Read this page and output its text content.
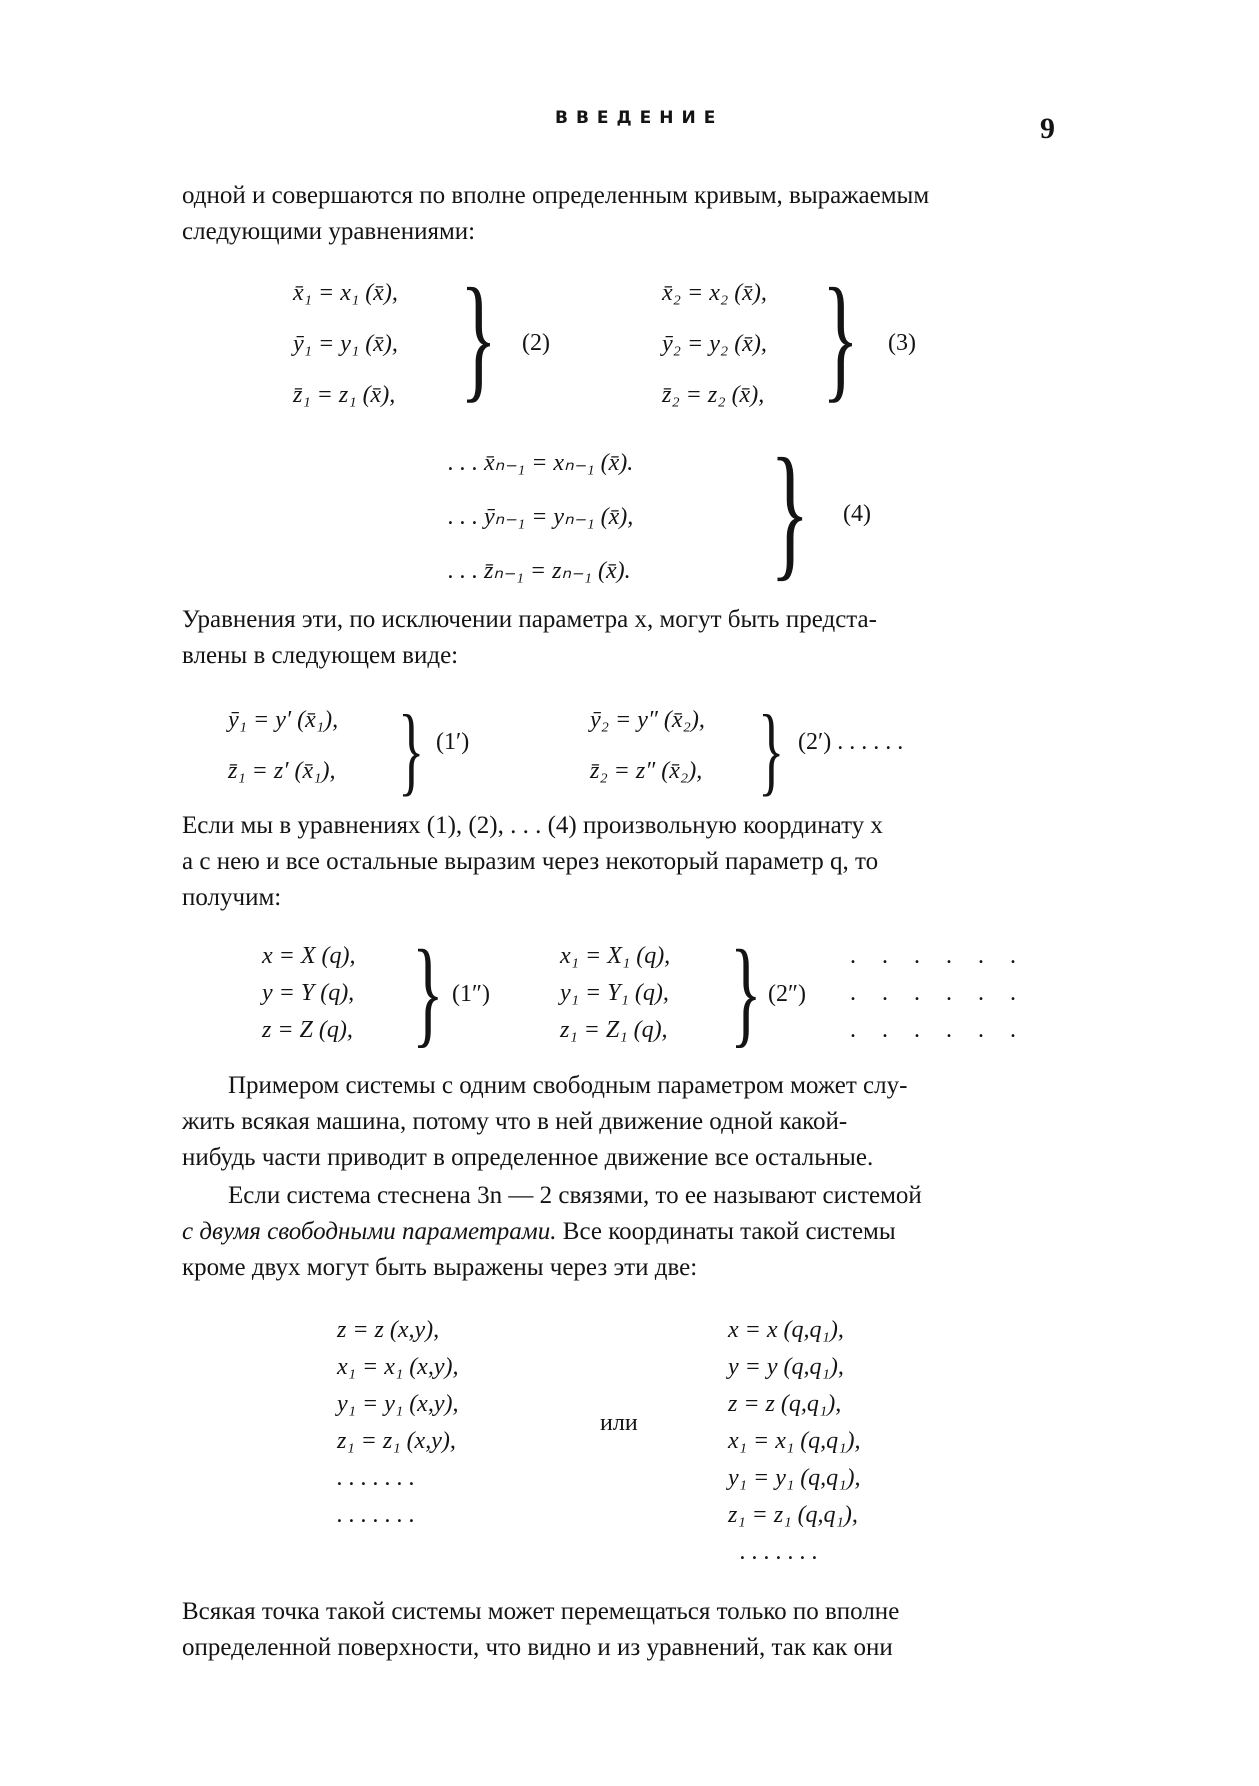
ВВЕДЕНИЕ	9
одной и совершаются по вполне определенным кривым, выражаемым
следующими уравнениями:
x̄₁ = x₁ (x̄),
ȳ₁ = y₁ (x̄),
z̄₁ = z₁ (x̄), } (2)
x̄₂ = x₂ (x̄),
ȳ₂ = y₂ (x̄),
z̄₂ = z₂ (x̄), } (3)
. . . x̄ₙ₋₁ = xₙ₋₁ (x̄).
. . . ȳₙ₋₁ = yₙ₋₁ (x̄),
. . . z̄ₙ₋₁ = zₙ₋₁ (x̄). } (4)
Уравнения эти, по исключении параметра x, могут быть предста-
влены в следующем виде:
ȳ₁ = y′ (x̄₁),
z̄₁ = z′ (x̄₁), } (1′)
ȳ₂ = y″ (x̄₂),
z̄₂ = z″ (x̄₂), } (2′) . . . . . .
Если мы в уравнениях (1), (2), . . . (4) произвольную координату x
а с нею и все остальные выразим через некоторый параметр q, то
получим:
x = X (q),
y = Y (q),
z = Z (q), } (1″)
x₁ = X₁ (q),
y₁ = Y₁ (q),
z₁ = Z₁ (q), } (2″)
. . . . . .
. . . . . .
. . . . . .
Примером системы с одним свободным параметром может слу-
жить всякая машина, потому что в ней движение одной какой-
нибудь части приводит в определенное движение все остальные.
Если система стеснена 3n — 2 связями, то ее называют системой
с двумя свободными параметрами. Все координаты такой системы
кроме двух могут быть выражены через эти две:
z = z (x,y),
x₁ = x₁ (x,y),
y₁ = y₁ (x,y),
z₁ = z₁ (x,y),
. . . . . . .
. . . . . . .
или
x = x (q,q₁),
y = y (q,q₁),
z = z (q,q₁),
x₁ = x₁ (q,q₁),
y₁ = y₁ (q,q₁),
z₁ = z₁ (q,q₁),
. . . . . . .
Всякая точка такой системы может перемещаться только по вполне
определенной поверхности, что видно и из уравнений, так как они
